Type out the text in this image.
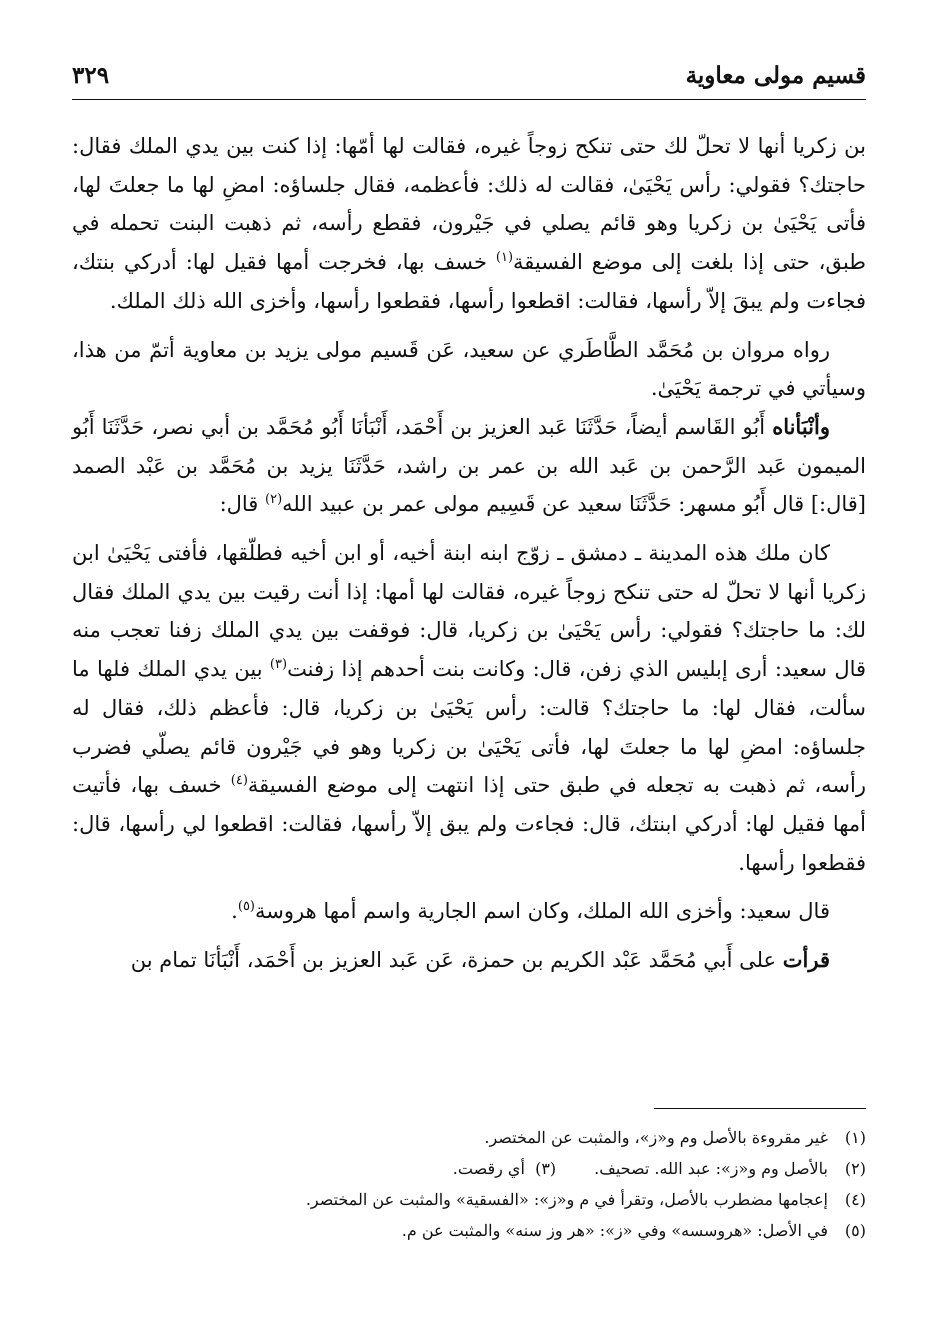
قسيم مولى معاوية
٣٢٩

بن زكريا أنها لا تحلّ لك حتى تنكح زوجاً غيره، فقالت لها أمّها: إذا كنت بين يدي الملك فقال: حاجتك؟ فقولي: رأس يَحْيَىٰ، فقالت له ذلك: فأعظمه، فقال جلساؤه: امضِ لها ما جعلتَ لها، فأتى يَحْيَىٰ بن زكريا وهو قائم يصلي في جَيْرون، فقطع رأسه، ثم ذهبت البنت تحمله في طبق، حتى إذا بلغت إلى موضع الفسيقة$^{(١)}$ خسف بها، فخرجت أمها فقيل لها: أدركي بنتك، فجاءت ولم يبقَ إلاّ رأسها، فقالت: اقطعوا رأسها، فقطعوا رأسها، وأخزى الله ذلك الملك.

رواه مروان بن مُحَمَّد الطَّاطَري عن سعيد، عَن قَسيم مولى يزيد بن معاوية أتمّ من هذا، وسيأتي في ترجمة يَحْيَىٰ.

وأنْبَأناه أَبُو القَاسم أيضاً، حَدَّثَنَا عَبد العزيز بن أَحْمَد، أَنْبَأنَا أَبُو مُحَمَّد بن أبي نصر، حَدَّثَنَا أَبُو الميمون عَبد الرَّحمن بن عَبد الله بن عمر بن راشد، حَدَّثَنَا يزيد بن مُحَمَّد بن عَبْد الصمد [قال:] قال أَبُو مسهر: حَدَّثَنَا سعيد عن قَسِيم مولى عمر بن عبيد الله$^{(٢)}$ قال:

كان ملك هذه المدينة ـ دمشق ـ زوّج ابنه ابنة أخيه، أو ابن أخيه فطلّقها، فأفتى يَحْيَىٰ ابن زكريا أنها لا تحلّ له حتى تنكح زوجاً غيره، فقالت لها أمها: إذا أنت رقيت بين يدي الملك فقال لك: ما حاجتك؟ فقولي: رأس يَحْيَىٰ بن زكريا، قال: فوقفت بين يدي الملك زفنا تعجب منه قال سعيد: أرى إبليس الذي زفن، قال: وكانت بنت أحدهم إذا زفنت$^{(٣)}$ بين يدي الملك فلها ما سألت، فقال لها: ما حاجتك؟ قالت: رأس يَحْيَىٰ بن زكريا، قال: فأعظم ذلك، فقال له جلساؤه: امضِ لها ما جعلتَ لها، فأتى يَحْيَىٰ بن زكريا وهو في جَيْرون قائم يصلّي فضرب رأسه، ثم ذهبت به تجعله في طبق حتى إذا انتهت إلى موضع الفسيقة$^{(٤)}$ خسف بها، فأتيت أمها فقيل لها: أدركي ابنتك، قال: فجاءت ولم يبق إلاّ رأسها، فقالت: اقطعوا لي رأسها، قال: فقطعوا رأسها.

قال سعيد: وأخزى الله الملك، وكان اسم الجارية واسم أمها هروسة$^{(٥)}$.

قرأت على أَبي مُحَمَّد عَبْد الكريم بن حمزة، عَن عَبد العزيز بن أَحْمَد، أَنْبَأنَا تمام بن

(١)غير مقروءة بالأصل وم و«ز»، والمثبت عن المختصر.
(٢)بالأصل وم و«ز»: عبد الله. تصحيف.(٣)  أي رقصت.
(٤)إعجامها مضطرب بالأصل، وتقرأ في م و«ز»: «الفسقية» والمثبت عن المختصر.
(٥)في الأصل: «هروسسه» وفي «ز»: «هر وز سنه» والمثبت عن م.
